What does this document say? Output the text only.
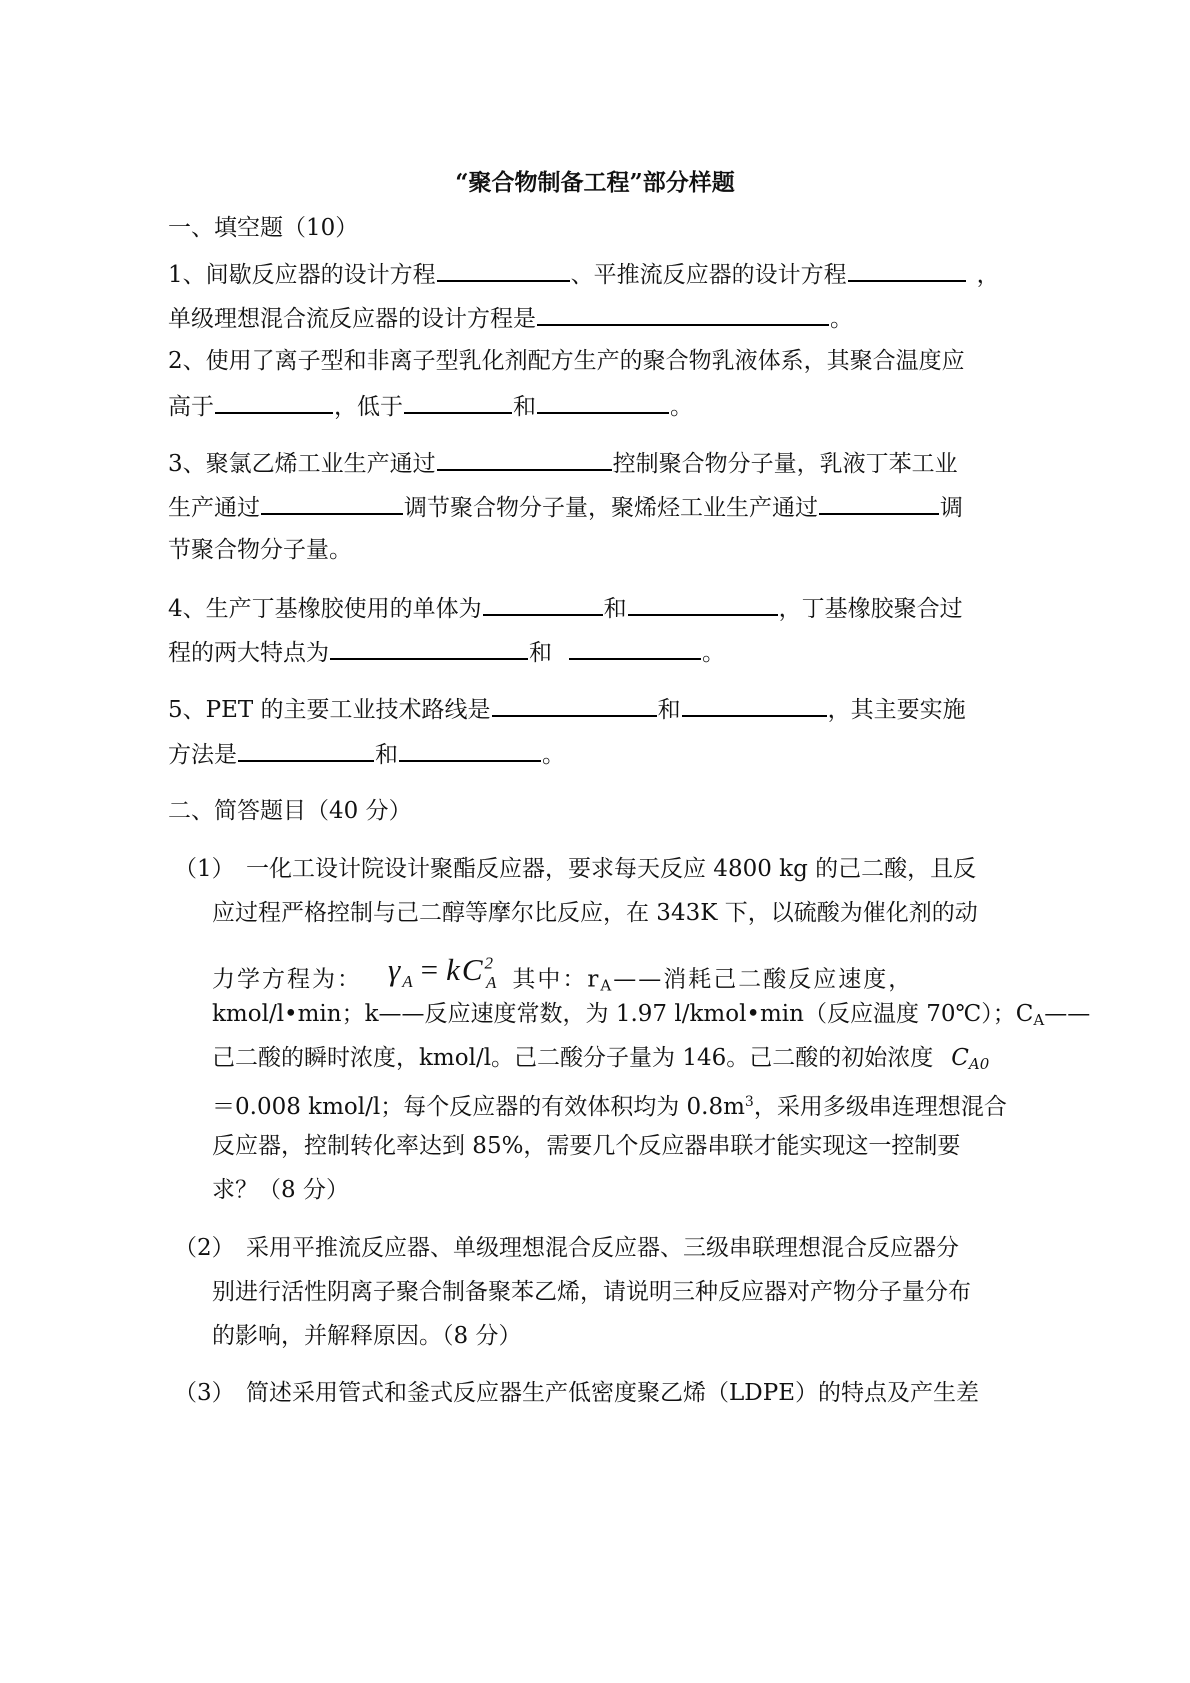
“聚合物制备工程”部分样题
一、填空题（10）
1、间歇反应器的设计方程	、平推流反应器的设计方程	，
单级理想混合流反应器的设计方程是	。
2、使用了离子型和非离子型乳化剂配方生产的聚合物乳液体系，其聚合温度应
高于	，低于	和	。
3、聚氯乙烯工业生产通过	控制聚合物分子量，乳液丁苯工业
生产通过	调节聚合物分子量，聚烯烃工业生产通过	调
节聚合物分子量。
4、生产丁基橡胶使用的单体为	和	，丁基橡胶聚合过
程的两大特点为	和	。
5、PET 的主要工业技术路线是	和	，其主要实施
方法是	和	。
二、简答题目（40 分）
（1） 一化工设计院设计聚酯反应器，要求每天反应 4800 kg 的己二酸，且反
应过程严格控制与己二醇等摩尔比反应，在 343K 下，以硫酸为催化剂的动
力学方程为： $\gamma_A = kC^2_A$ 其中：rA——消耗己二酸反应速度，
kmol/l•min；k——反应速度常数，为 1.97 l/kmol•min（反应温度 70℃）；CA——
己二酸的瞬时浓度，kmol/l。己二酸分子量为 146。己二酸的初始浓度 CA0
＝0.008 kmol/l；每个反应器的有效体积均为 $0.8m^3$，采用多级串连理想混合
反应器，控制转化率达到 85%，需要几个反应器串联才能实现这一控制要
求？（8 分）
（2） 采用平推流反应器、单级理想混合反应器、三级串联理想混合反应器分
别进行活性阴离子聚合制备聚苯乙烯，请说明三种反应器对产物分子量分布
的影响，并解释原因。（8 分）
（3） 简述采用管式和釜式反应器生产低密度聚乙烯（LDPE）的特点及产生差
